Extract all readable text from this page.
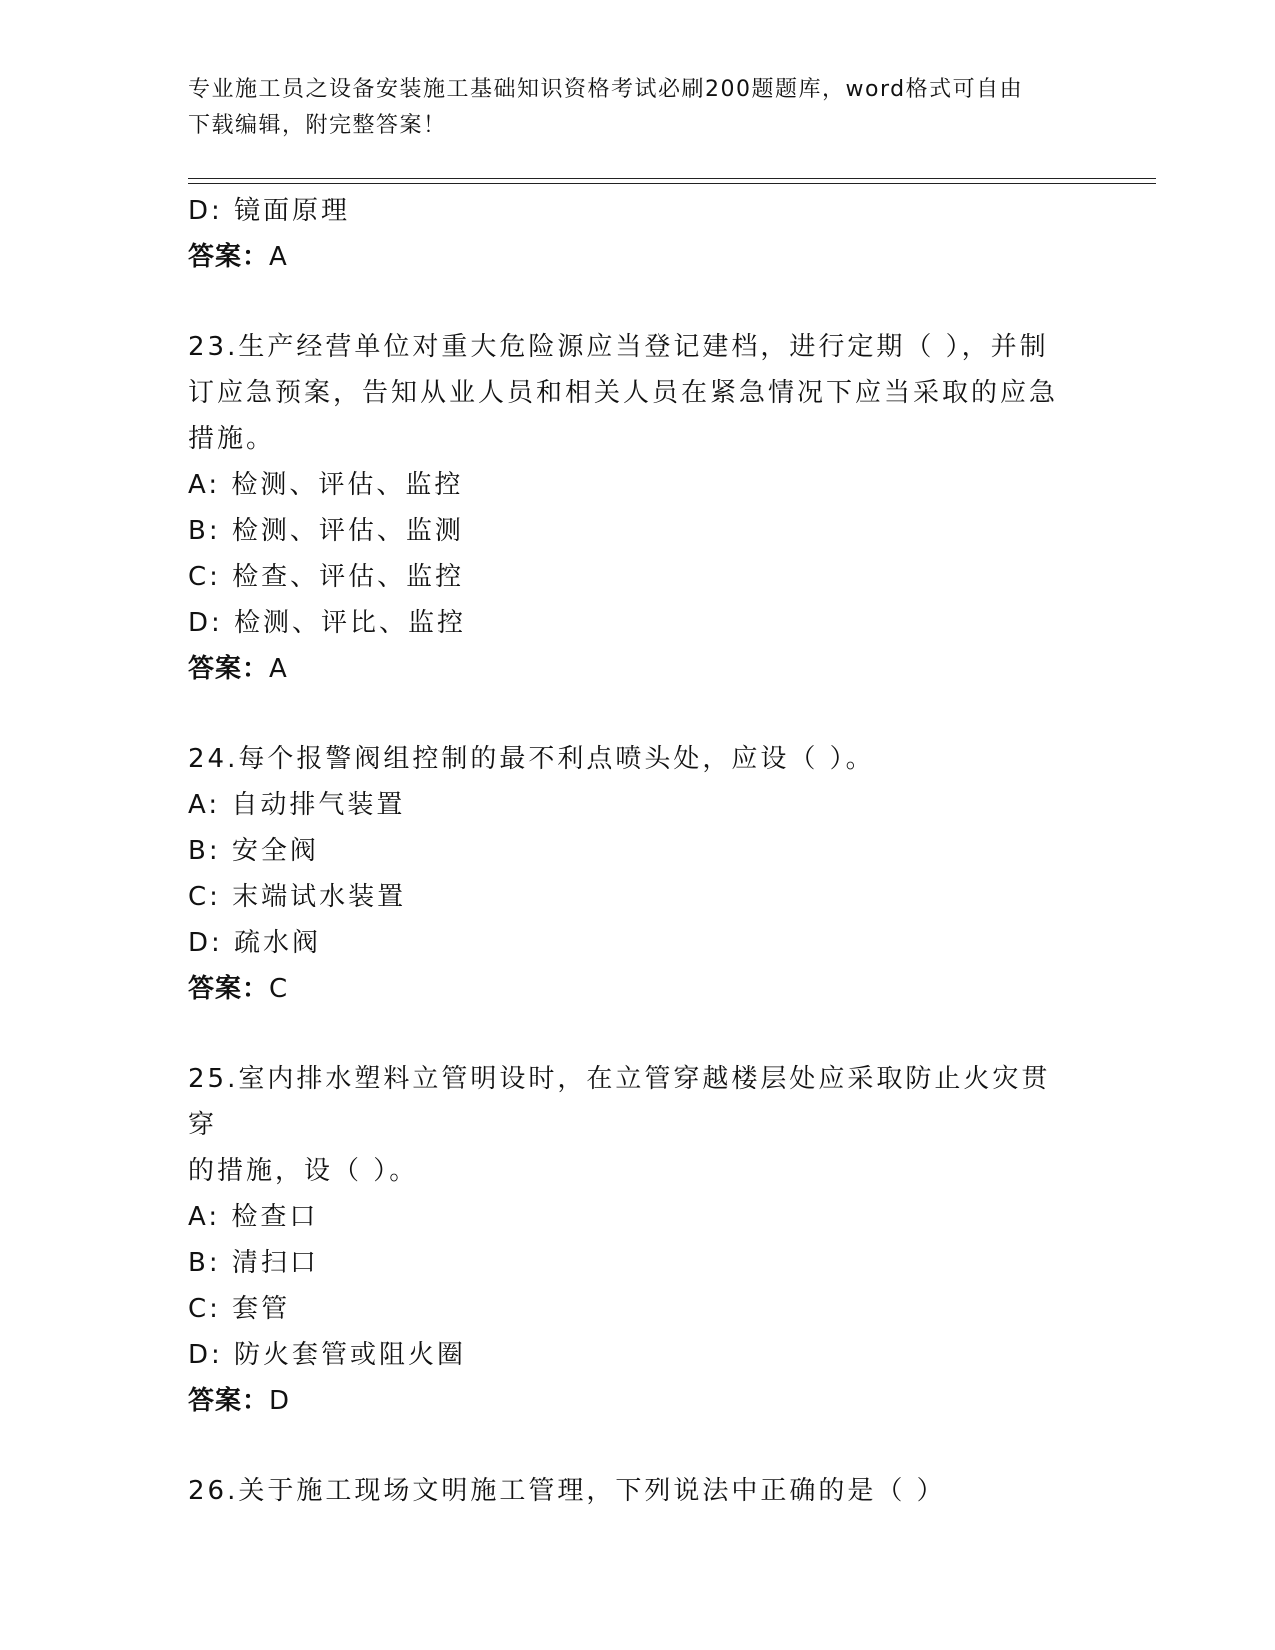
专业施工员之设备安装施工基础知识资格考试必刷200题题库，word格式可自由
下载编辑，附完整答案！
D: 镜面原理
答案：A
23.生产经营单位对重大危险源应当登记建档，进行定期（ ），并制
订应急预案，告知从业人员和相关人员在紧急情况下应当采取的应急
措施。
A: 检测、评估、监控
B: 检测、评估、监测
C: 检查、评估、监控
D: 检测、评比、监控
答案：A
24.每个报警阀组控制的最不利点喷头处，应设（ ）。
A: 自动排气装置
B: 安全阀
C: 末端试水装置
D: 疏水阀
答案：C
25.室内排水塑料立管明设时，在立管穿越楼层处应采取防止火灾贯穿
的措施，设（ ）。
A: 检查口
B: 清扫口
C: 套管
D: 防火套管或阻火圈
答案：D
26.关于施工现场文明施工管理，下列说法中正确的是（ ）
